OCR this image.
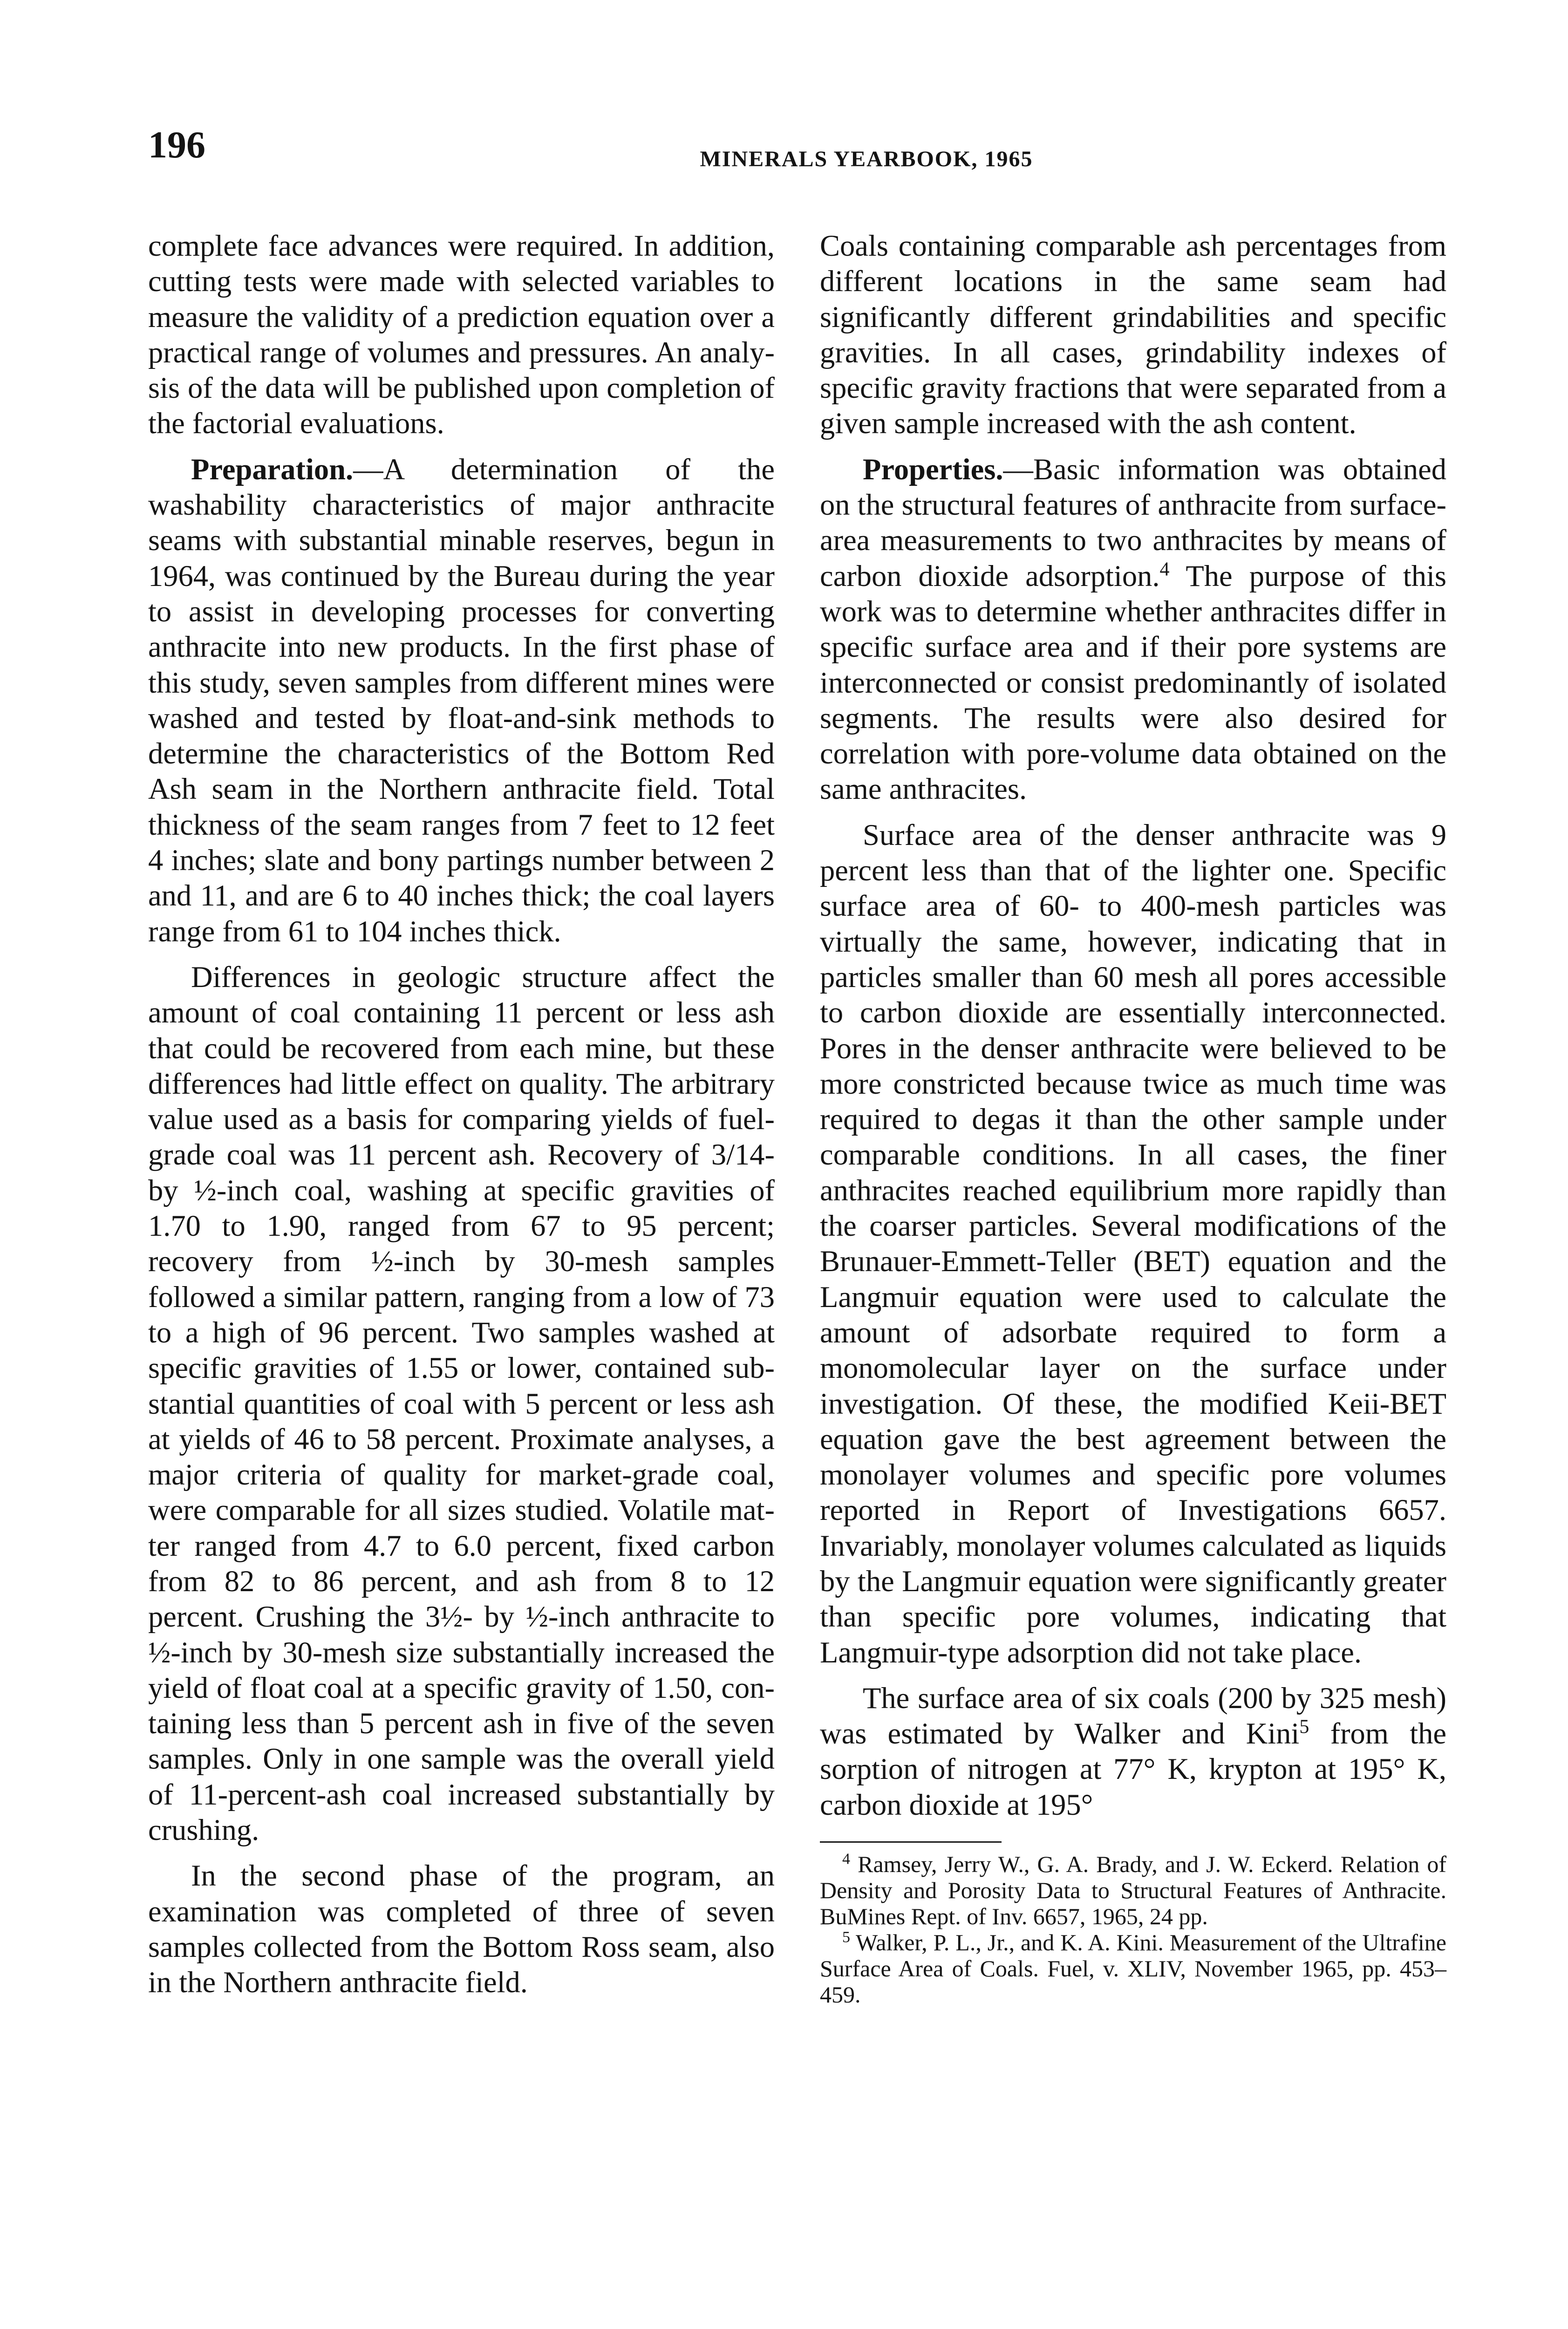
196	MINERALS YEARBOOK, 1965

complete face advances were required. In addition, cutting tests were made with selected variables to measure the validity of a prediction equation over a practical range of volumes and pressures. An analysis of the data will be published upon completion of the factorial evaluations.

Preparation.—A determination of the washability characteristics of major anthracite seams with substantial minable reserves, begun in 1964, was continued by the Bureau during the year to assist in developing processes for converting anthracite into new products. In the first phase of this study, seven samples from different mines were washed and tested by float-and-sink methods to determine the characteristics of the Bottom Red Ash seam in the Northern anthracite field. Total thickness of the seam ranges from 7 feet to 12 feet 4 inches; slate and bony partings number between 2 and 11, and are 6 to 40 inches thick; the coal layers range from 61 to 104 inches thick.

Differences in geologic structure affect the amount of coal containing 11 percent or less ash that could be recovered from each mine, but these differences had little effect on quality. The arbitrary value used as a basis for comparing yields of fuel-grade coal was 11 percent ash. Recovery of 3/14- by ½-inch coal, washing at specific gravities of 1.70 to 1.90, ranged from 67 to 95 percent; recovery from ½-inch by 30-mesh samples followed a similar pattern, ranging from a low of 73 to a high of 96 percent. Two samples washed at specific gravities of 1.55 or lower, contained substantial quantities of coal with 5 percent or less ash at yields of 46 to 58 percent. Proximate analyses, a major criteria of quality for market-grade coal, were comparable for all sizes studied. Volatile matter ranged from 4.7 to 6.0 percent, fixed carbon from 82 to 86 percent, and ash from 8 to 12 percent. Crushing the 3½- by ½-inch anthracite to ½-inch by 30-mesh size substantially increased the yield of float coal at a specific gravity of 1.50, containing less than 5 percent ash in five of the seven samples. Only in one sample was the overall yield of 11-percent-ash coal increased substantially by crushing.

In the second phase of the program, an examination was completed of three of seven samples collected from the Bottom Ross seam, also in the Northern anthracite field.

Coals containing comparable ash percentages from different locations in the same seam had significantly different grindabilities and specific gravities. In all cases, grindability indexes of specific gravity fractions that were separated from a given sample increased with the ash content.

Properties.—Basic information was obtained on the structural features of anthracite from surface-area measurements to two anthracites by means of carbon dioxide adsorption.$^4$ The purpose of this work was to determine whether anthracites differ in specific surface area and if their pore systems are interconnected or consist predominantly of isolated segments. The results were also desired for correlation with pore-volume data obtained on the same anthracites.

Surface area of the denser anthracite was 9 percent less than that of the lighter one. Specific surface area of 60- to 400-mesh particles was virtually the same, however, indicating that in particles smaller than 60 mesh all pores accessible to carbon dioxide are essentially interconnected. Pores in the denser anthracite were believed to be more constricted because twice as much time was required to degas it than the other sample under comparable conditions. In all cases, the finer anthracites reached equilibrium more rapidly than the coarser particles. Several modifications of the Brunauer-Emmett-Teller (BET) equation and the Langmuir equation were used to calculate the amount of adsorbate required to form a monomolecular layer on the surface under investigation. Of these, the modified Keii-BET equation gave the best agreement between the monolayer volumes and specific pore volumes reported in Report of Investigations 6657. Invariably, monolayer volumes calculated as liquids by the Langmuir equation were significantly greater than specific pore volumes, indicating that Langmuir-type adsorption did not take place.

The surface area of six coals (200 by 325 mesh) was estimated by Walker and Kini$^5$ from the sorption of nitrogen at 77° K, krypton at 195° K, carbon dioxide at 195°

$^4$ Ramsey, Jerry W., G. A. Brady, and J. W. Eckerd. Relation of Density and Porosity Data to Structural Features of Anthracite. BuMines Rept. of Inv. 6657, 1965, 24 pp.

$^5$ Walker, P. L., Jr., and K. A. Kini. Measurement of the Ultrafine Surface Area of Coals. Fuel, v. XLIV, November 1965, pp. 453–459.
